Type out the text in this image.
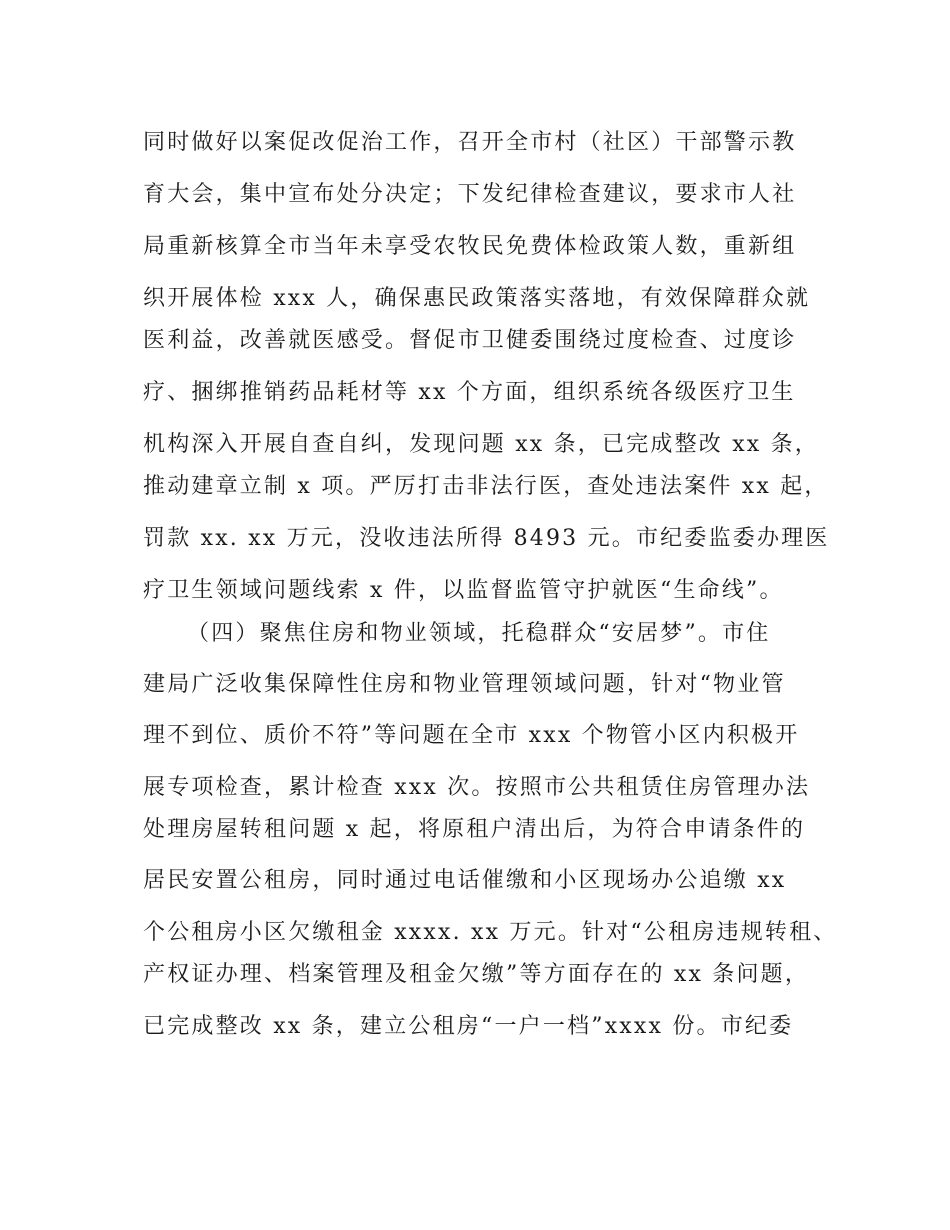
同时做好以案促改促治工作，召开全市村（社区）干部警示教
育大会，集中宣布处分决定；下发纪律检查建议，要求市人社
局重新核算全市当年未享受农牧民免费体检政策人数，重新组
织开展体检 xxx 人，确保惠民政策落实落地，有效保障群众就
医利益，改善就医感受。督促市卫健委围绕过度检查、过度诊
疗、捆绑推销药品耗材等 xx 个方面，组织系统各级医疗卫生
机构深入开展自查自纠，发现问题 xx 条，已完成整改 xx 条，
推动建章立制 x 项。严厉打击非法行医，查处违法案件 xx 起，
罚款 xx. xx 万元，没收违法所得 8493 元。市纪委监委办理医
疗卫生领域问题线索 x 件，以监督监管守护就医“生命线”。
（四）聚焦住房和物业领域，托稳群众“安居梦”。市住
建局广泛收集保障性住房和物业管理领域问题，针对“物业管
理不到位、质价不符”等问题在全市 xxx 个物管小区内积极开
展专项检查，累计检查 xxx 次。按照市公共租赁住房管理办法
处理房屋转租问题 x 起，将原租户清出后，为符合申请条件的
居民安置公租房，同时通过电话催缴和小区现场办公追缴 xx
个公租房小区欠缴租金 xxxx. xx 万元。针对“公租房违规转租、
产权证办理、档案管理及租金欠缴”等方面存在的 xx 条问题，
已完成整改 xx 条，建立公租房“一户一档”xxxx 份。市纪委
